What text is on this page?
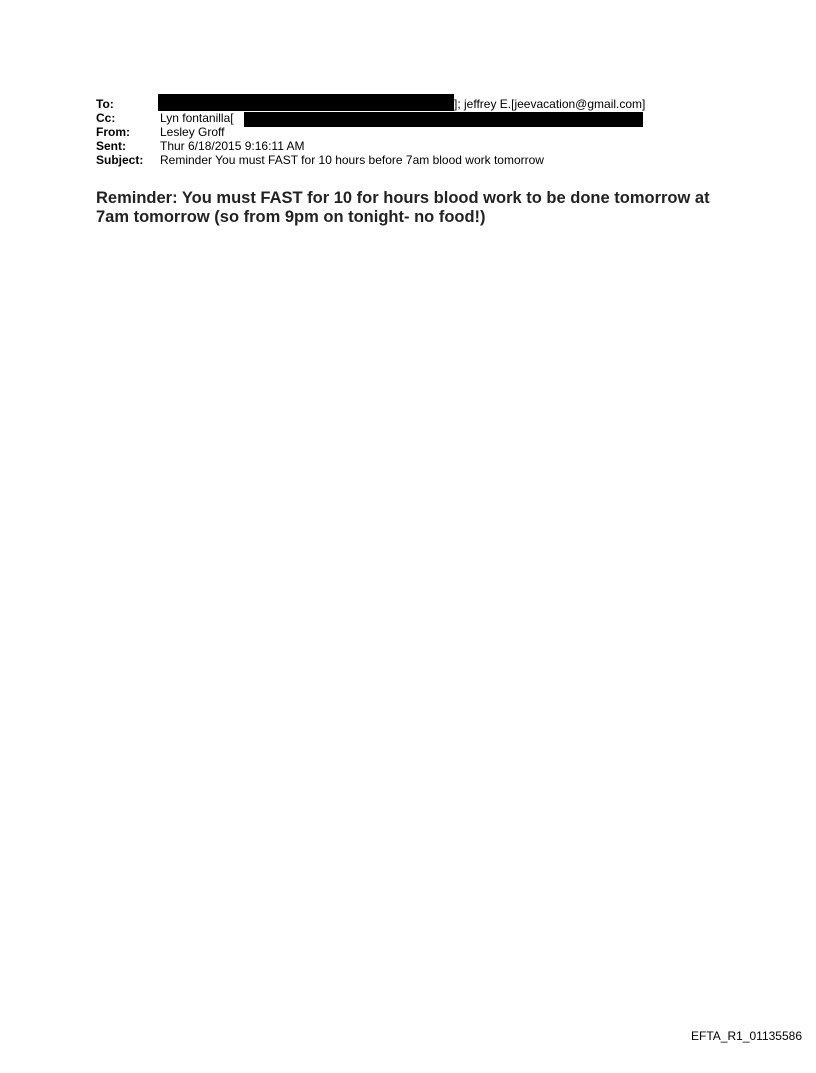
To:	]; jeffrey E.[jeevacation@gmail.com]
Cc:	Lyn fontanilla[
From:	Lesley Groff
Sent:	Thur 6/18/2015 9:16:11 AM
Subject: Reminder You must FAST for 10 hours before 7am blood work tomorrow
Reminder: You must FAST for 10 for hours blood work to be done tomorrow at 7am tomorrow (so from 9pm on tonight- no food!)
EFTA_R1_01135586
